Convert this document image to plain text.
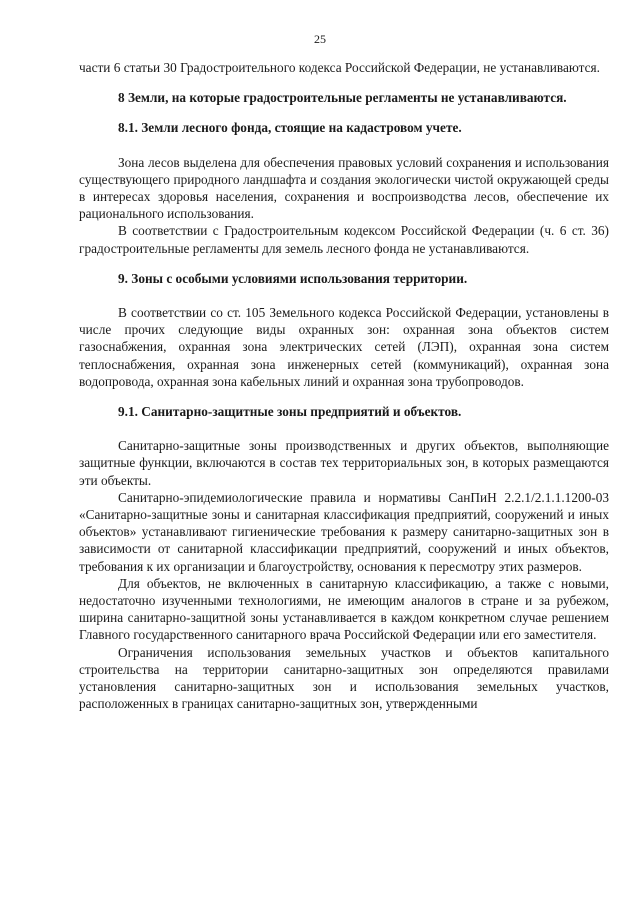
25

части 6 статьи 30 Градостроительного кодекса Российской Федерации, не устанавливаются.

8 Земли, на которые градостроительные регламенты не устанавливаются.
8.1. Земли лесного фонда, стоящие на кадастровом учете.

Зона лесов выделена для обеспечения правовых условий сохранения и использования существующего природного ландшафта и создания экологически чистой окружающей среды в интересах здоровья населения, сохранения и воспроизводства лесов, обеспечение их рационального использования.

В соответствии с Градостроительным кодексом Российской Федерации (ч. 6 ст. 36) градостроительные регламенты для земель лесного фонда не устанавливаются.

9. Зоны с особыми условиями использования территории.

В соответствии со ст. 105 Земельного кодекса Российской Федерации, установлены в числе прочих следующие виды охранных зон: охранная зона объектов систем газоснабжения, охранная зона электрических сетей (ЛЭП), охранная зона систем теплоснабжения, охранная зона инженерных сетей (коммуникаций), охранная зона водопровода, охранная зона кабельных линий и охранная зона трубопроводов.

9.1. Санитарно-защитные зоны предприятий и объектов.

Санитарно-защитные зоны производственных и других объектов, выполняющие защитные функции, включаются в состав тех территориальных зон, в которых размещаются эти объекты.

Санитарно-эпидемиологические правила и нормативы СанПиН 2.2.1/2.1.1.1200-03 «Санитарно-защитные зоны и санитарная классификация предприятий, сооружений и иных объектов» устанавливают гигиенические требования к размеру санитарно-защитных зон в зависимости от санитарной классификации предприятий, сооружений и иных объектов, требования к их организации и благоустройству, основания к пересмотру этих размеров.

Для объектов, не включенных в санитарную классификацию, а также с новыми, недостаточно изученными технологиями, не имеющим аналогов в стране и за рубежом, ширина санитарно-защитной зоны устанавливается в каждом конкретном случае решением Главного государственного санитарного врача Российской Федерации или его заместителя.

Ограничения использования земельных участков и объектов капитального строительства на территории санитарно-защитных зон определяются правилами установления санитарно-защитных зон и использования земельных участков, расположенных в границах санитарно-защитных зон, утвержденными
